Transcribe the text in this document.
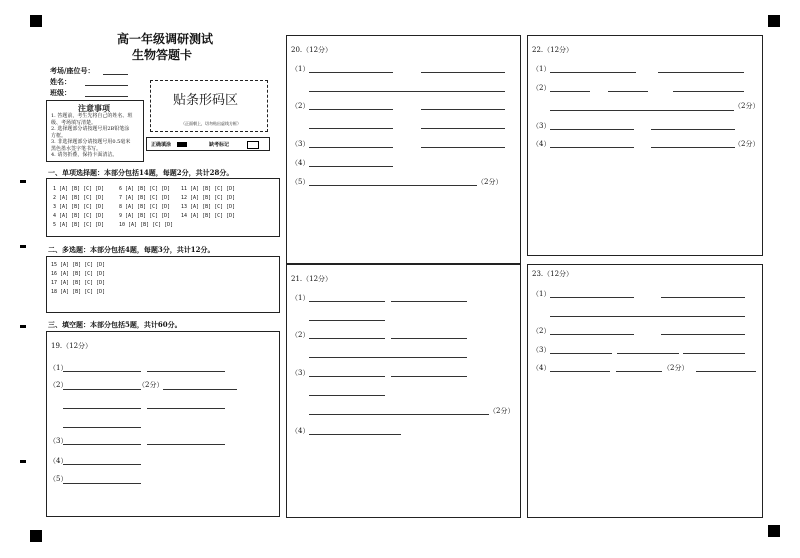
高一年级调研测试
生物答题卡
考场/座位号：
姓名：
班级：
贴条形码区
（正面朝上，切勿贴出虚线方框）
注意事项
1. 答题前，考生先将自己的姓名、班
级、考场填写清楚。
2. 选择题部分请按题号用2B铅笔涂
方框。
3. 非选择题部分请按题号用0.5毫米
黑色墨水签字笔书写。
4. 请勿折叠，保持卡面清洁。
正确填涂	缺考标记
一、单项选择题：本部分包括14题，每题2分，共计28分。
1 [A] [B] [C] [D]
2 [A] [B] [C] [D]
3 [A] [B] [C] [D]
4 [A] [B] [C] [D]
5 [A] [B] [C] [D]
6 [A] [B] [C] [D]
7 [A] [B] [C] [D]
8 [A] [B] [C] [D]
9 [A] [B] [C] [D]
10 [A] [B] [C] [D]
11 [A] [B] [C] [D]
12 [A] [B] [C] [D]
13 [A] [B] [C] [D]
14 [A] [B] [C] [D]
二、多选题：本部分包括4题，每题3分，共计12分。
15 [A] [B] [C] [D]
16 [A] [B] [C] [D]
17 [A] [B] [C] [D]
18 [A] [B] [C] [D]
三、填空题：本部分包括5题，共计60分。
19.（12分）
（1）
（2）	（2分）
（3）
（4）
（5）
20.（12分）
（1）
（2）
（3）
（4）
（5）	（2分）
21.（12分）
（1）
（2）
（3）
（2分）
（4）
22.（12分）
（1）
（2）
（2分）
（3）
（4）	（2分）
23.（12分）
（1）
（2）
（3）
（4）	（2分）
